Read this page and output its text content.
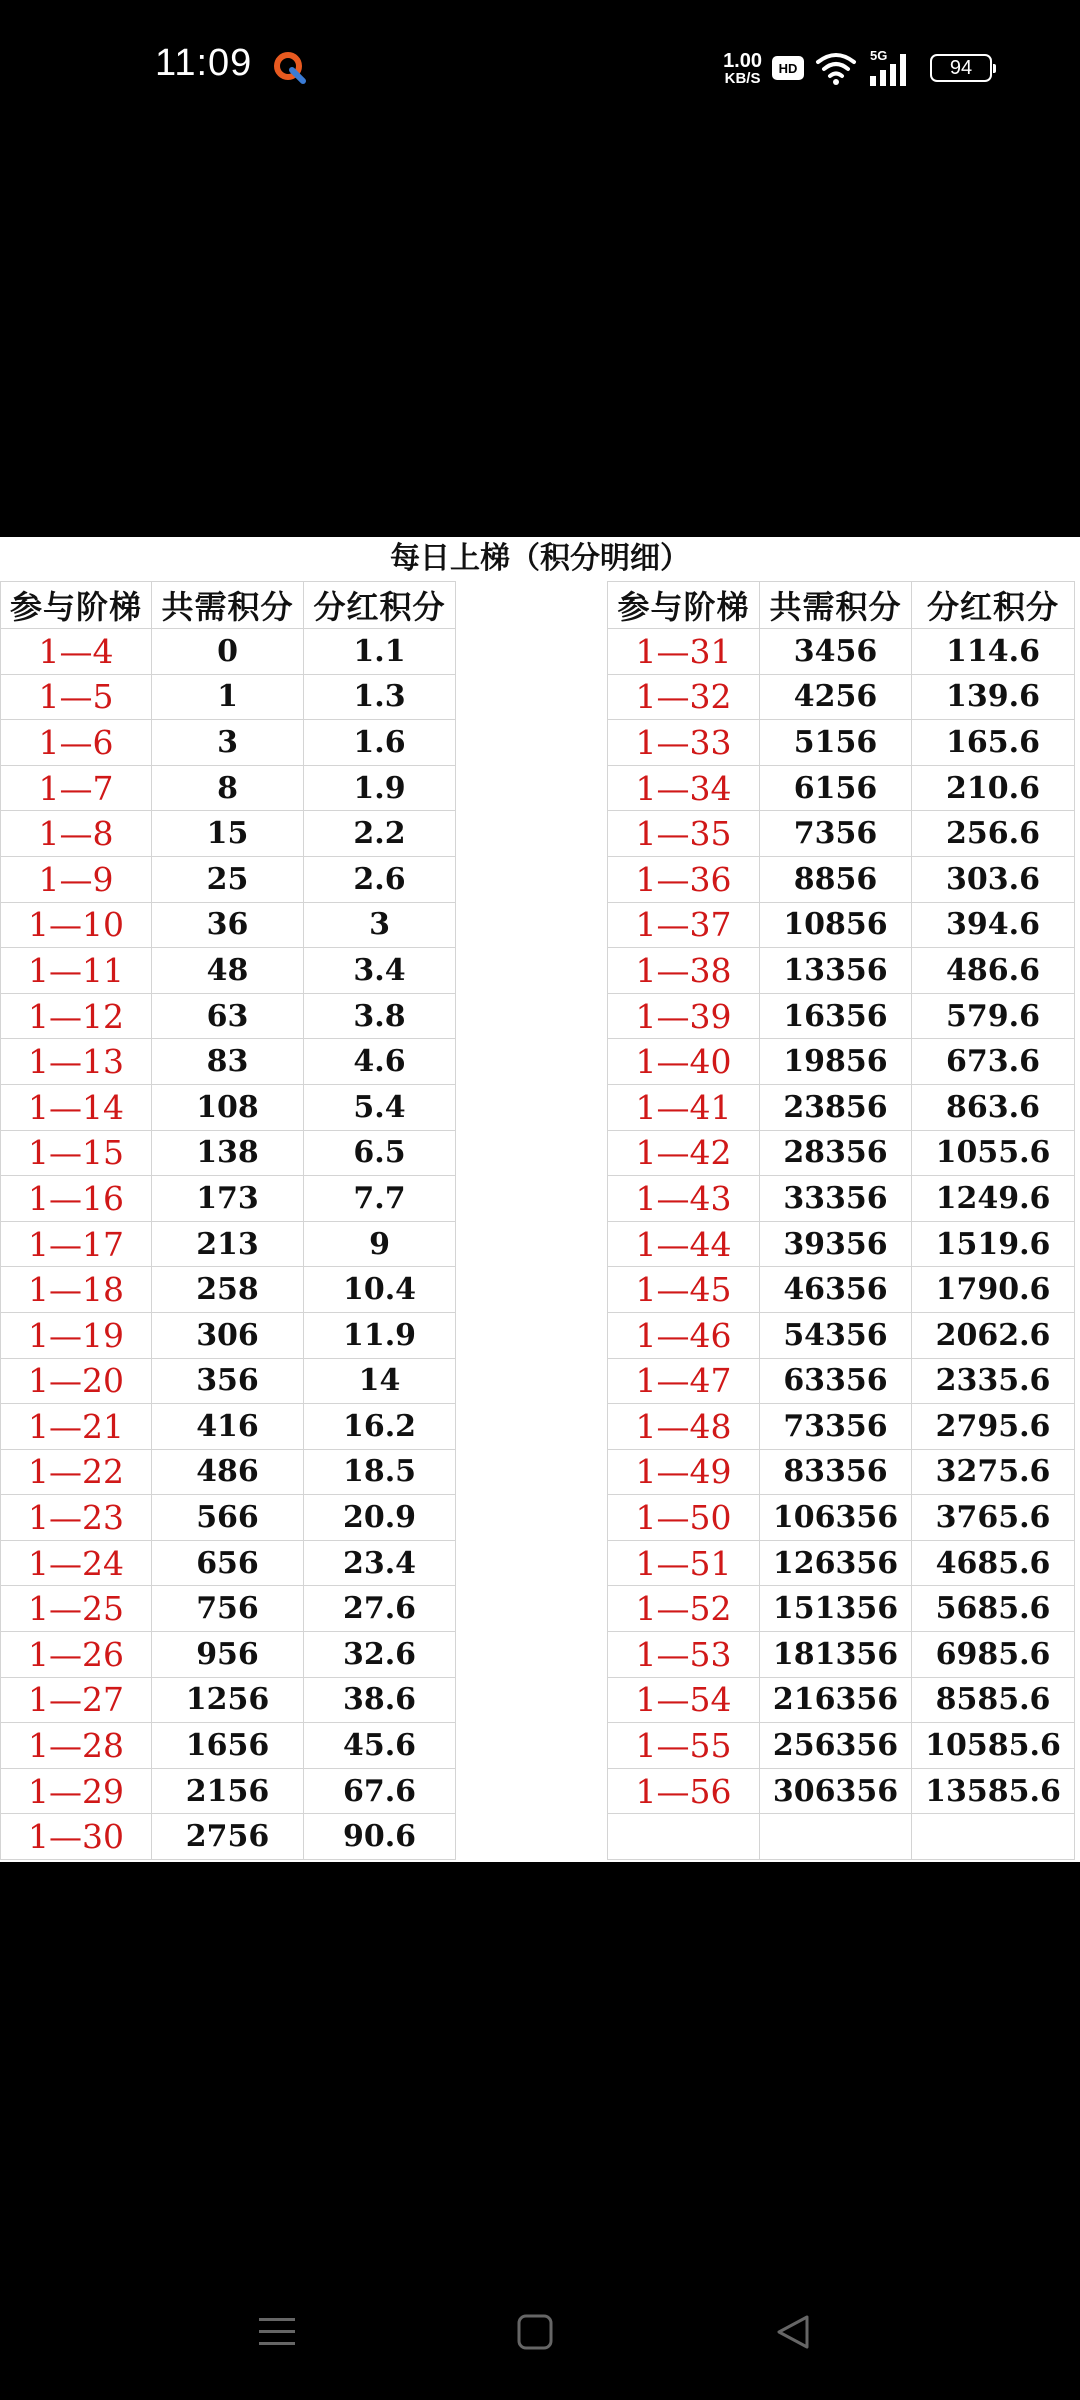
11:09	1.00
KB/S
HD
5G
94
每日上梯（积分明细）
参与阶梯	共需积分	分红积分		参与阶梯	共需积分	分红积分
1—4	0	1.1		1—31	3456	114.6
1—5	1	1.3		1—32	4256	139.6
1—6	3	1.6		1—33	5156	165.6
1—7	8	1.9		1—34	6156	210.6
1—8	15	2.2		1—35	7356	256.6
1—9	25	2.6		1—36	8856	303.6
1—10	36	3		1—37	10856	394.6
1—11	48	3.4		1—38	13356	486.6
1—12	63	3.8		1—39	16356	579.6
1—13	83	4.6		1—40	19856	673.6
1—14	108	5.4		1—41	23856	863.6
1—15	138	6.5		1—42	28356	1055.6
1—16	173	7.7		1—43	33356	1249.6
1—17	213	9		1—44	39356	1519.6
1—18	258	10.4		1—45	46356	1790.6
1—19	306	11.9		1—46	54356	2062.6
1—20	356	14		1—47	63356	2335.6
1—21	416	16.2		1—48	73356	2795.6
1—22	486	18.5		1—49	83356	3275.6
1—23	566	20.9		1—50	106356	3765.6
1—24	656	23.4		1—51	126356	4685.6
1—25	756	27.6		1—52	151356	5685.6
1—26	956	32.6		1—53	181356	6985.6
1—27	1256	38.6		1—54	216356	8585.6
1—28	1656	45.6		1—55	256356	10585.6
1—29	2156	67.6		1—56	306356	13585.6
1—30	2756	90.6				
